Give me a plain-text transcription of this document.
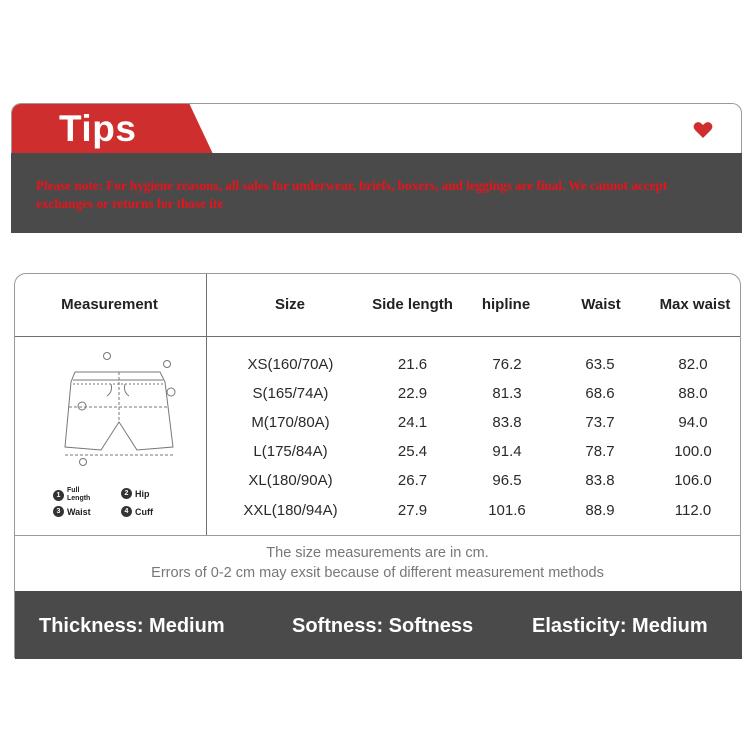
Tips
Please note: For hygiene reasons, all sales for underwear, briefs, boxers, and leggings are final. We cannot accept exchanges or returns for those ite
Measurement	Size	Side length	hipline	Waist	Max waist
1
Full
Length
2 Hip
3 Waist	4 Cuff
XS(160/70A)	21.6	76.2	63.5	82.0
S(165/74A)	22.9	81.3	68.6	88.0
M(170/80A)	24.1	83.8	73.7	94.0
L(175/84A)	25.4	91.4	78.7	100.0
XL(180/90A)	26.7	96.5	83.8	106.0
XXL(180/94A)	27.9	101.6	88.9	112.0
The size measurements are in cm.
Errors of 0-2 cm may exsit because of different measurement methods
Thickness: Medium	Softness: Softness	Elasticity: Medium
